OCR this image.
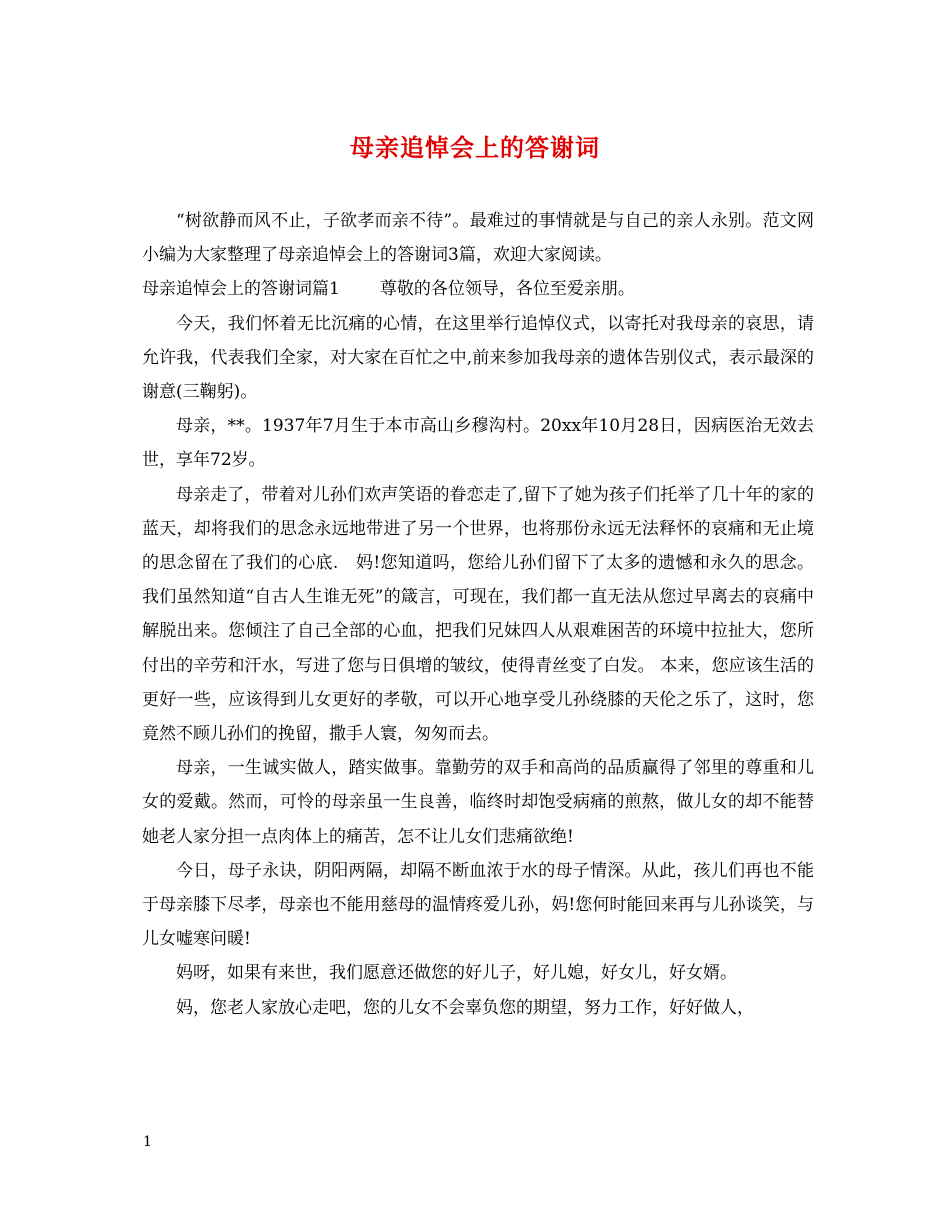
母亲追悼会上的答谢词

“树欲静而风不止，子欲孝而亲不待”。最难过的事情就是与自己的亲人永别。范文网小编为大家整理了母亲追悼会上的答谢词3篇，欢迎大家阅读。

母亲追悼会上的答谢词篇1 尊敬的各位领导，各位至爱亲朋。

今天，我们怀着无比沉痛的心情，在这里举行追悼仪式，以寄托对我母亲的哀思，请允许我，代表我们全家，对大家在百忙之中,前来参加我母亲的遗体告别仪式，表示最深的谢意(三鞠躬)。

母亲，**。1937年7月生于本市高山乡穆沟村。20xx年10月28日，因病医治无效去世，享年72岁。

母亲走了，带着对儿孙们欢声笑语的眷恋走了,留下了她为孩子们托举了几十年的家的蓝天，却将我们的思念永远地带进了另一个世界，也将那份永远无法释怀的哀痛和无止境的思念留在了我们的心底.　妈!您知道吗，您给儿孙们留下了太多的遗憾和永久的思念。我们虽然知道“自古人生谁无死”的箴言，可现在，我们都一直无法从您过早离去的哀痛中解脱出来。您倾注了自己全部的心血，把我们兄妹四人从艰难困苦的环境中拉扯大，您所付出的辛劳和汗水，写进了您与日俱增的皱纹，使得青丝变了白发。 本来，您应该生活的更好一些，应该得到儿女更好的孝敬，可以开心地享受儿孙绕膝的天伦之乐了，这时，您竟然不顾儿孙们的挽留，撒手人寰，匆匆而去。

母亲，一生诚实做人，踏实做事。靠勤劳的双手和高尚的品质赢得了邻里的尊重和儿女的爱戴。然而，可怜的母亲虽一生良善，临终时却饱受病痛的煎熬，做儿女的却不能替她老人家分担一点肉体上的痛苦，怎不让儿女们悲痛欲绝!

今日，母子永诀，阴阳两隔，却隔不断血浓于水的母子情深。从此，孩儿们再也不能于母亲膝下尽孝，母亲也不能用慈母的温情疼爱儿孙，妈!您何时能回来再与儿孙谈笑，与儿女嘘寒问暖!

妈呀，如果有来世，我们愿意还做您的好儿子，好儿媳，好女儿，好女婿。

妈，您老人家放心走吧，您的儿女不会辜负您的期望，努力工作，好好做人，

1
